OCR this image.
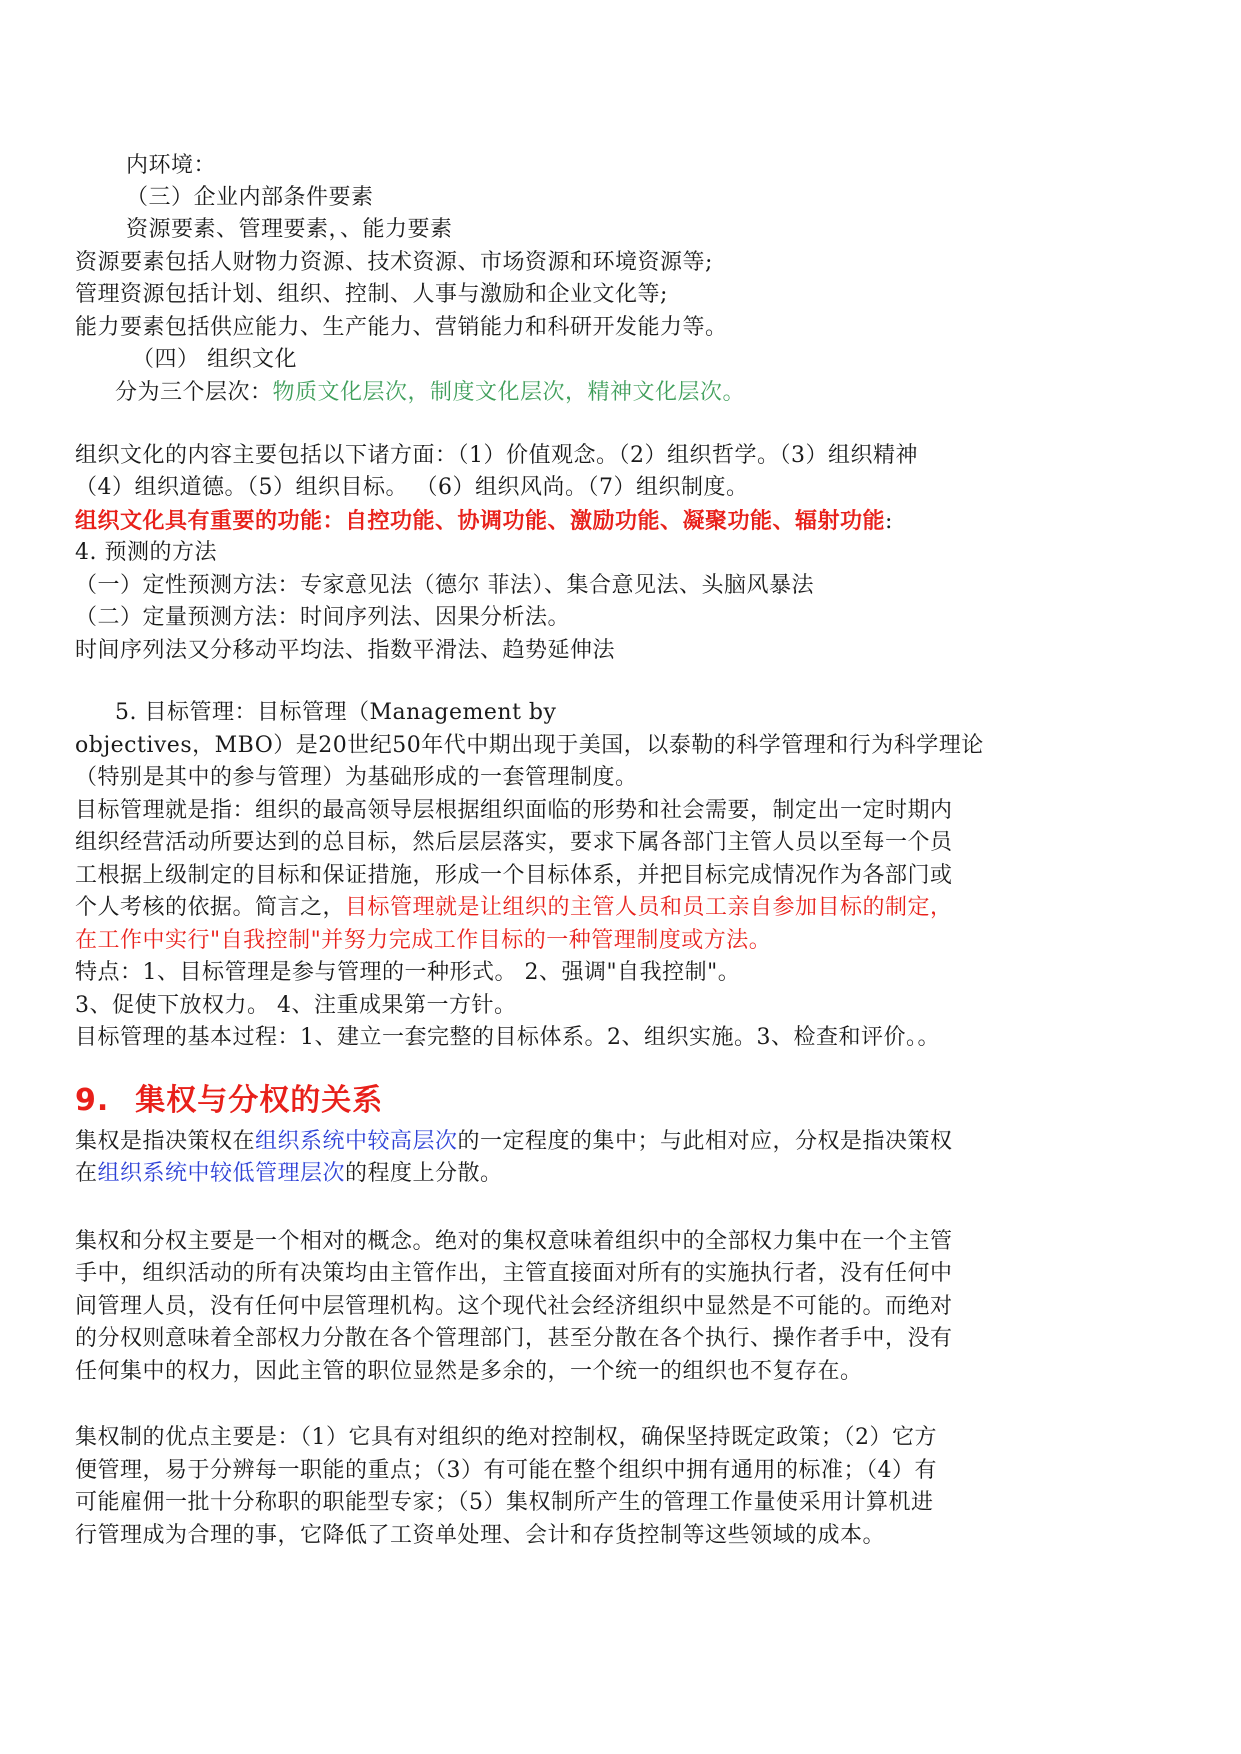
内环境：
（三）企业内部条件要素
资源要素、管理要素，、能力要素
资源要素包括人财物力资源、技术资源、市场资源和环境资源等;
管理资源包括计划、组织、控制、人事与激励和企业文化等;
能力要素包括供应能力、生产能力、营销能力和科研开发能力等。
（四） 组织文化
分为三个层次：物质文化层次，制度文化层次，精神文化层次。
组织文化的内容主要包括以下诸方面：（1）价值观念。（2）组织哲学。（3）组织精神
（4）组织道德。（5）组织目标。 （6）组织风尚。（7）组织制度。
组织文化具有重要的功能：自控功能、协调功能、激励功能、凝聚功能、辐射功能:
4. 预测的方法
（一）定性预测方法：专家意见法（德尔 菲法）、集合意见法、头脑风暴法
（二）定量预测方法：时间序列法、因果分析法。
时间序列法又分移动平均法、指数平滑法、趋势延伸法
5. 目标管理：目标管理（Management by
objectives，MBO）是20世纪50年代中期出现于美国，以泰勒的科学管理和行为科学理论
（特别是其中的参与管理）为基础形成的一套管理制度。
目标管理就是指：组织的最高领导层根据组织面临的形势和社会需要，制定出一定时期内
组织经营活动所要达到的总目标，然后层层落实，要求下属各部门主管人员以至每一个员
工根据上级制定的目标和保证措施，形成一个目标体系，并把目标完成情况作为各部门或
个人考核的依据。简言之，目标管理就是让组织的主管人员和员工亲自参加目标的制定，
在工作中实行"自我控制"并努力完成工作目标的一种管理制度或方法。
特点：1、目标管理是参与管理的一种形式。 2、强调"自我控制"。
3、促使下放权力。 4、注重成果第一方针。
目标管理的基本过程：1、建立一套完整的目标体系。2、组织实施。3、检查和评价。。
9. 集权与分权的关系
集权是指决策权在组织系统中较高层次的一定程度的集中；与此相对应，分权是指决策权
在组织系统中较低管理层次的程度上分散。
集权和分权主要是一个相对的概念。绝对的集权意味着组织中的全部权力集中在一个主管
手中，组织活动的所有决策均由主管作出，主管直接面对所有的实施执行者，没有任何中
间管理人员，没有任何中层管理机构。这个现代社会经济组织中显然是不可能的。而绝对
的分权则意味着全部权力分散在各个管理部门，甚至分散在各个执行、操作者手中，没有
任何集中的权力，因此主管的职位显然是多余的，一个统一的组织也不复存在。
集权制的优点主要是：（1）它具有对组织的绝对控制权，确保坚持既定政策；（2）它方
便管理，易于分辨每一职能的重点；（3）有可能在整个组织中拥有通用的标准；（4）有
可能雇佣一批十分称职的职能型专家；（5）集权制所产生的管理工作量使采用计算机进
行管理成为合理的事，它降低了工资单处理、会计和存货控制等这些领域的成本。
